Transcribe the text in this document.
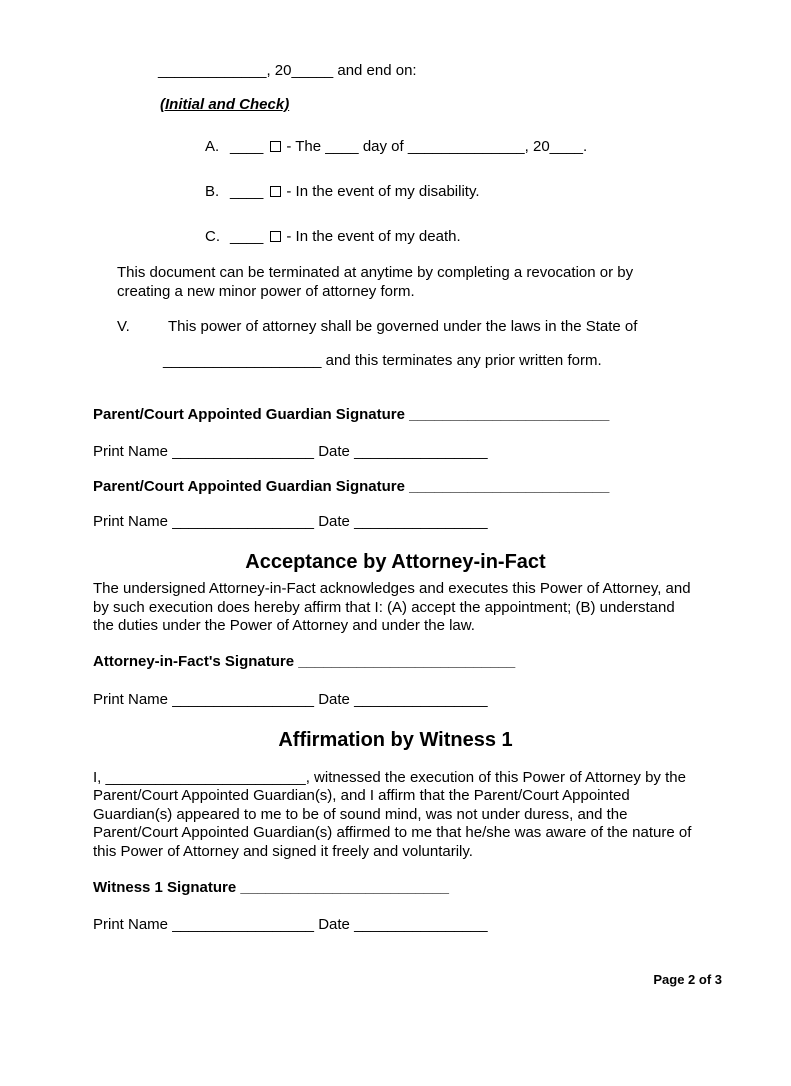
_____________, 20_____ and end on:
(Initial and Check)
A. ____ - The ____ day of ______________, 20____.
B. ____ - In the event of my disability.
C. ____ - In the event of my death.
This document can be terminated at anytime by completing a revocation or by creating a new minor power of attorney form.
V.	This power of attorney shall be governed under the laws in the State of
___________________ and this terminates any prior written form.
Parent/Court Appointed Guardian Signature ________________________
Print Name _________________ Date ________________
Parent/Court Appointed Guardian Signature ________________________
Print Name _________________ Date ________________
Acceptance by Attorney-in-Fact
The undersigned Attorney-in-Fact acknowledges and executes this Power of Attorney, and by such execution does hereby affirm that I: (A) accept the appointment; (B) understand the duties under the Power of Attorney and under the law.
Attorney-in-Fact's Signature __________________________
Print Name _________________ Date ________________
Affirmation by Witness 1
I, ________________________, witnessed the execution of this Power of Attorney by the Parent/Court Appointed Guardian(s), and I affirm that the Parent/Court Appointed Guardian(s) appeared to me to be of sound mind, was not under duress, and the Parent/Court Appointed Guardian(s) affirmed to me that he/she was aware of the nature of this Power of Attorney and signed it freely and voluntarily.
Witness 1 Signature _________________________
Print Name _________________ Date ________________
Page 2 of 3
